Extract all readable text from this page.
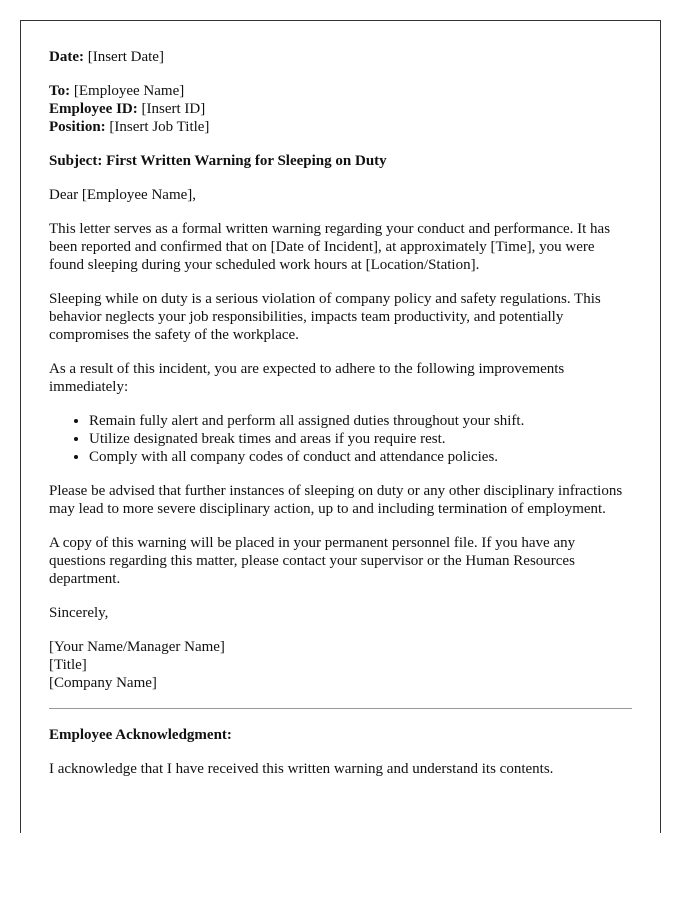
Date: [Insert Date]

To: [Employee Name]
Employee ID: [Insert ID]
Position: [Insert Job Title]

Subject: First Written Warning for Sleeping on Duty

Dear [Employee Name],

This letter serves as a formal written warning regarding your conduct and performance. It has been reported and confirmed that on [Date of Incident], at approximately [Time], you were found sleeping during your scheduled work hours at [Location/Station].

Sleeping while on duty is a serious violation of company policy and safety regulations. This behavior neglects your job responsibilities, impacts team productivity, and potentially compromises the safety of the workplace.

As a result of this incident, you are expected to adhere to the following improvements immediately:

• Remain fully alert and perform all assigned duties throughout your shift.
• Utilize designated break times and areas if you require rest.
• Comply with all company codes of conduct and attendance policies.

Please be advised that further instances of sleeping on duty or any other disciplinary infractions may lead to more severe disciplinary action, up to and including termination of employment.

A copy of this warning will be placed in your permanent personnel file. If you have any questions regarding this matter, please contact your supervisor or the Human Resources department.

Sincerely,

[Your Name/Manager Name]
[Title]
[Company Name]

Employee Acknowledgment:

I acknowledge that I have received this written warning and understand its contents.
